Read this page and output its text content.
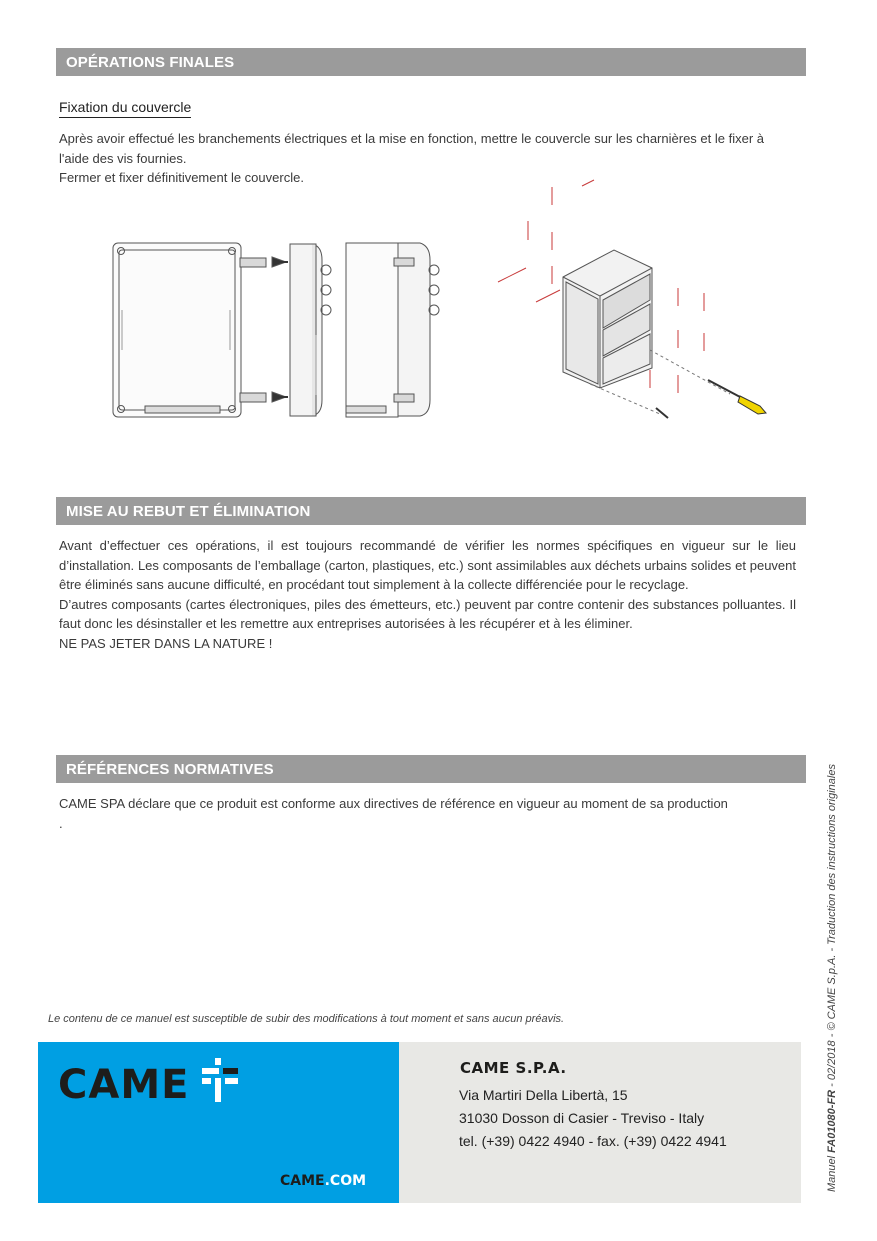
OPÉRATIONS FINALES
Fixation du couvercle

Après avoir effectué les branchements électriques et la mise en fonction, mettre le couvercle sur les charnières et le fixer à l'aide des vis fournies.

Fermer et fixer définitivement le couvercle.

MISE AU REBUT ET ÉLIMINATION

Avant d’effectuer ces opérations, il est toujours recommandé de vérifier les normes spécifiques en vigueur sur le lieu d’installation. Les composants de l’emballage (carton, plastiques, etc.) sont assimilables aux déchets urbains solides et peuvent être éliminés sans aucune difficulté, en procédant tout simplement à la collecte différenciée pour le recyclage.

D’autres composants (cartes électroniques, piles des émetteurs, etc.) peuvent par contre contenir des substances polluantes. Il faut donc les désinstaller et les remettre aux entreprises autorisées à les récupérer et à les éliminer.

NE PAS JETER DANS LA NATURE !

RÉFÉRENCES NORMATIVES

CAME SPA déclare que ce produit est conforme aux directives de référence en vigueur au moment de sa production

.

Le contenu de ce manuel est susceptible de subir des modifications à tout moment et sans aucun préavis.
CAME
CAME.COM
CAME S.P.A.
Via Martiri Della Libertà, 15
31030 Dosson di Casier - Treviso - Italy
tel. (+39) 0422 4940 - fax. (+39) 0422 4941
Manuel FA01080-FR - 02/2018 - © CAME S.p.A. - Traduction des instructions originales
